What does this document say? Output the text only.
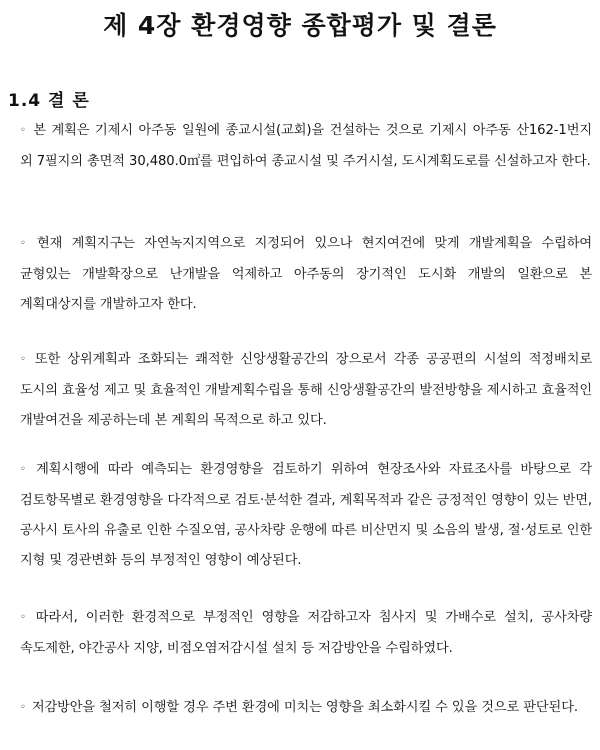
제 4장 환경영향 종합평가 및 결론
1.4 결 론
◦ 본 계획은 기제시 아주동 일원에 종교시설(교회)을 건설하는 것으로 기제시 아주동 산162-1번지 외 7필지의 총면적 30,480.0㎡를 편입하여 종교시설 및 주거시설, 도시계획도로를 신설하고자 한다.
◦ 현재 계획지구는 자연녹지지역으로 지정되어 있으나 현지여건에 맞게 개발계획을 수립하여 균형있는 개발확장으로 난개발을 억제하고 아주동의 장기적인 도시화 개발의 일환으로 본 계획대상지를 개발하고자 한다.
◦ 또한 상위계획과 조화되는 쾌적한 신앙생활공간의 장으로서 각종 공공편의 시설의 적정배치로 도시의 효율성 제고 및 효율적인 개발계획수립을 통해 신앙생활공간의 발전방향을 제시하고 효율적인 개발여건을 제공하는데 본 계획의 목적으로 하고 있다.
◦ 계획시행에 따라 예측되는 환경영향을 검토하기 위하여 현장조사와 자료조사를 바탕으로 각 검토항목별로 환경영향을 다각적으로 검토·분석한 결과, 계획목적과 같은 긍정적인 영향이 있는 반면, 공사시 토사의 유출로 인한 수질오염, 공사차량 운행에 따른 비산먼지 및 소음의 발생, 절·성토로 인한 지형 및 경관변화 등의 부정적인 영향이 예상된다.
◦ 따라서, 이러한 환경적으로 부정적인 영향을 저감하고자 침사지 및 가배수로 설치, 공사차량 속도제한, 야간공사 지양, 비점오염저감시설 설치 등 저감방안을 수립하였다.
◦ 저감방안을 철저히 이행할 경우 주변 환경에 미치는 영향을 최소화시킬 수 있을 것으로 판단된다.
